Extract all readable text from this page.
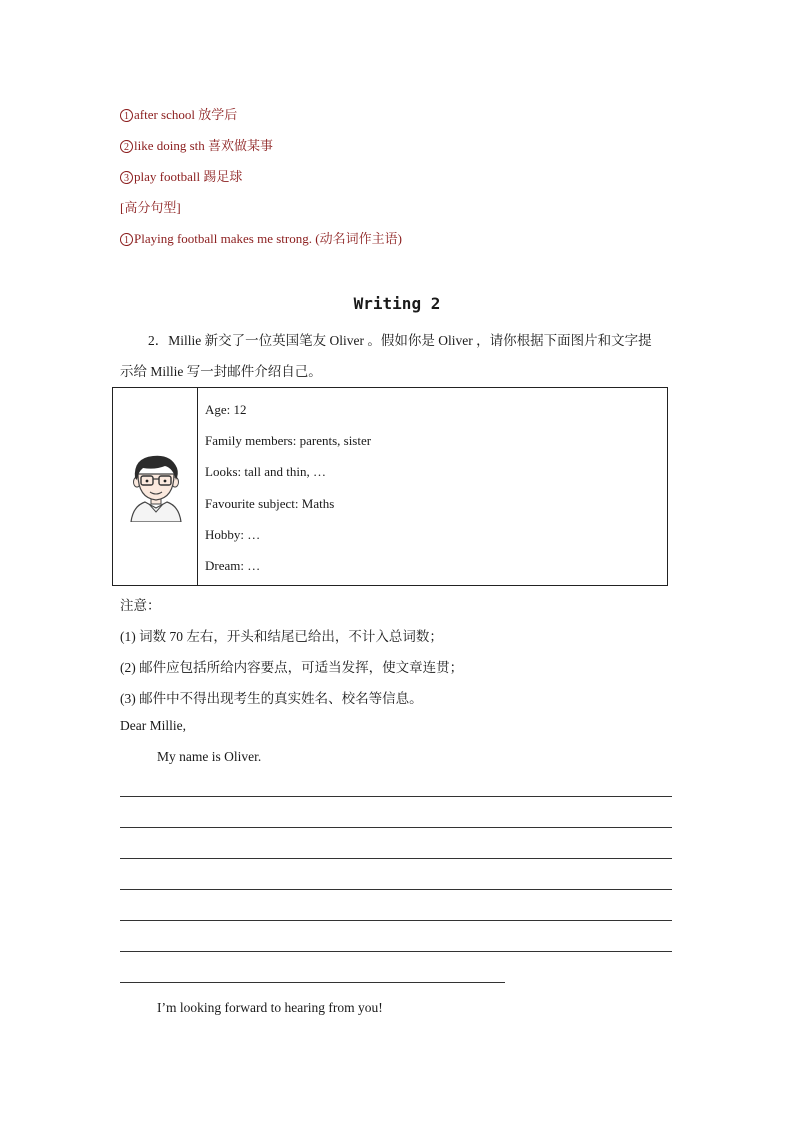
1 after school 放学后
2 like doing sth 喜欢做某事
3 play football 踢足球
[高分句型]
1 Playing football makes me strong. (动名词作主语)
Writing 2
2．Millie 新交了一位英国笔友 Oliver 。假如你是 Oliver ，请你根据下面图片和文字提
示给 Millie 写一封邮件介绍自己。

Age: 12
Family members: parents, sister
Looks: tall and thin, …
Favourite subject: Maths
Hobby: …
Dream: …
注意：
(1) 词数 70 左右，开头和结尾已给出，不计入总词数；
(2) 邮件应包括所给内容要点，可适当发挥，使文章连贯；
(3) 邮件中不得出现考生的真实姓名、校名等信息。
Dear Millie,
My name is Oliver.
I’m looking forward to hearing from you!
